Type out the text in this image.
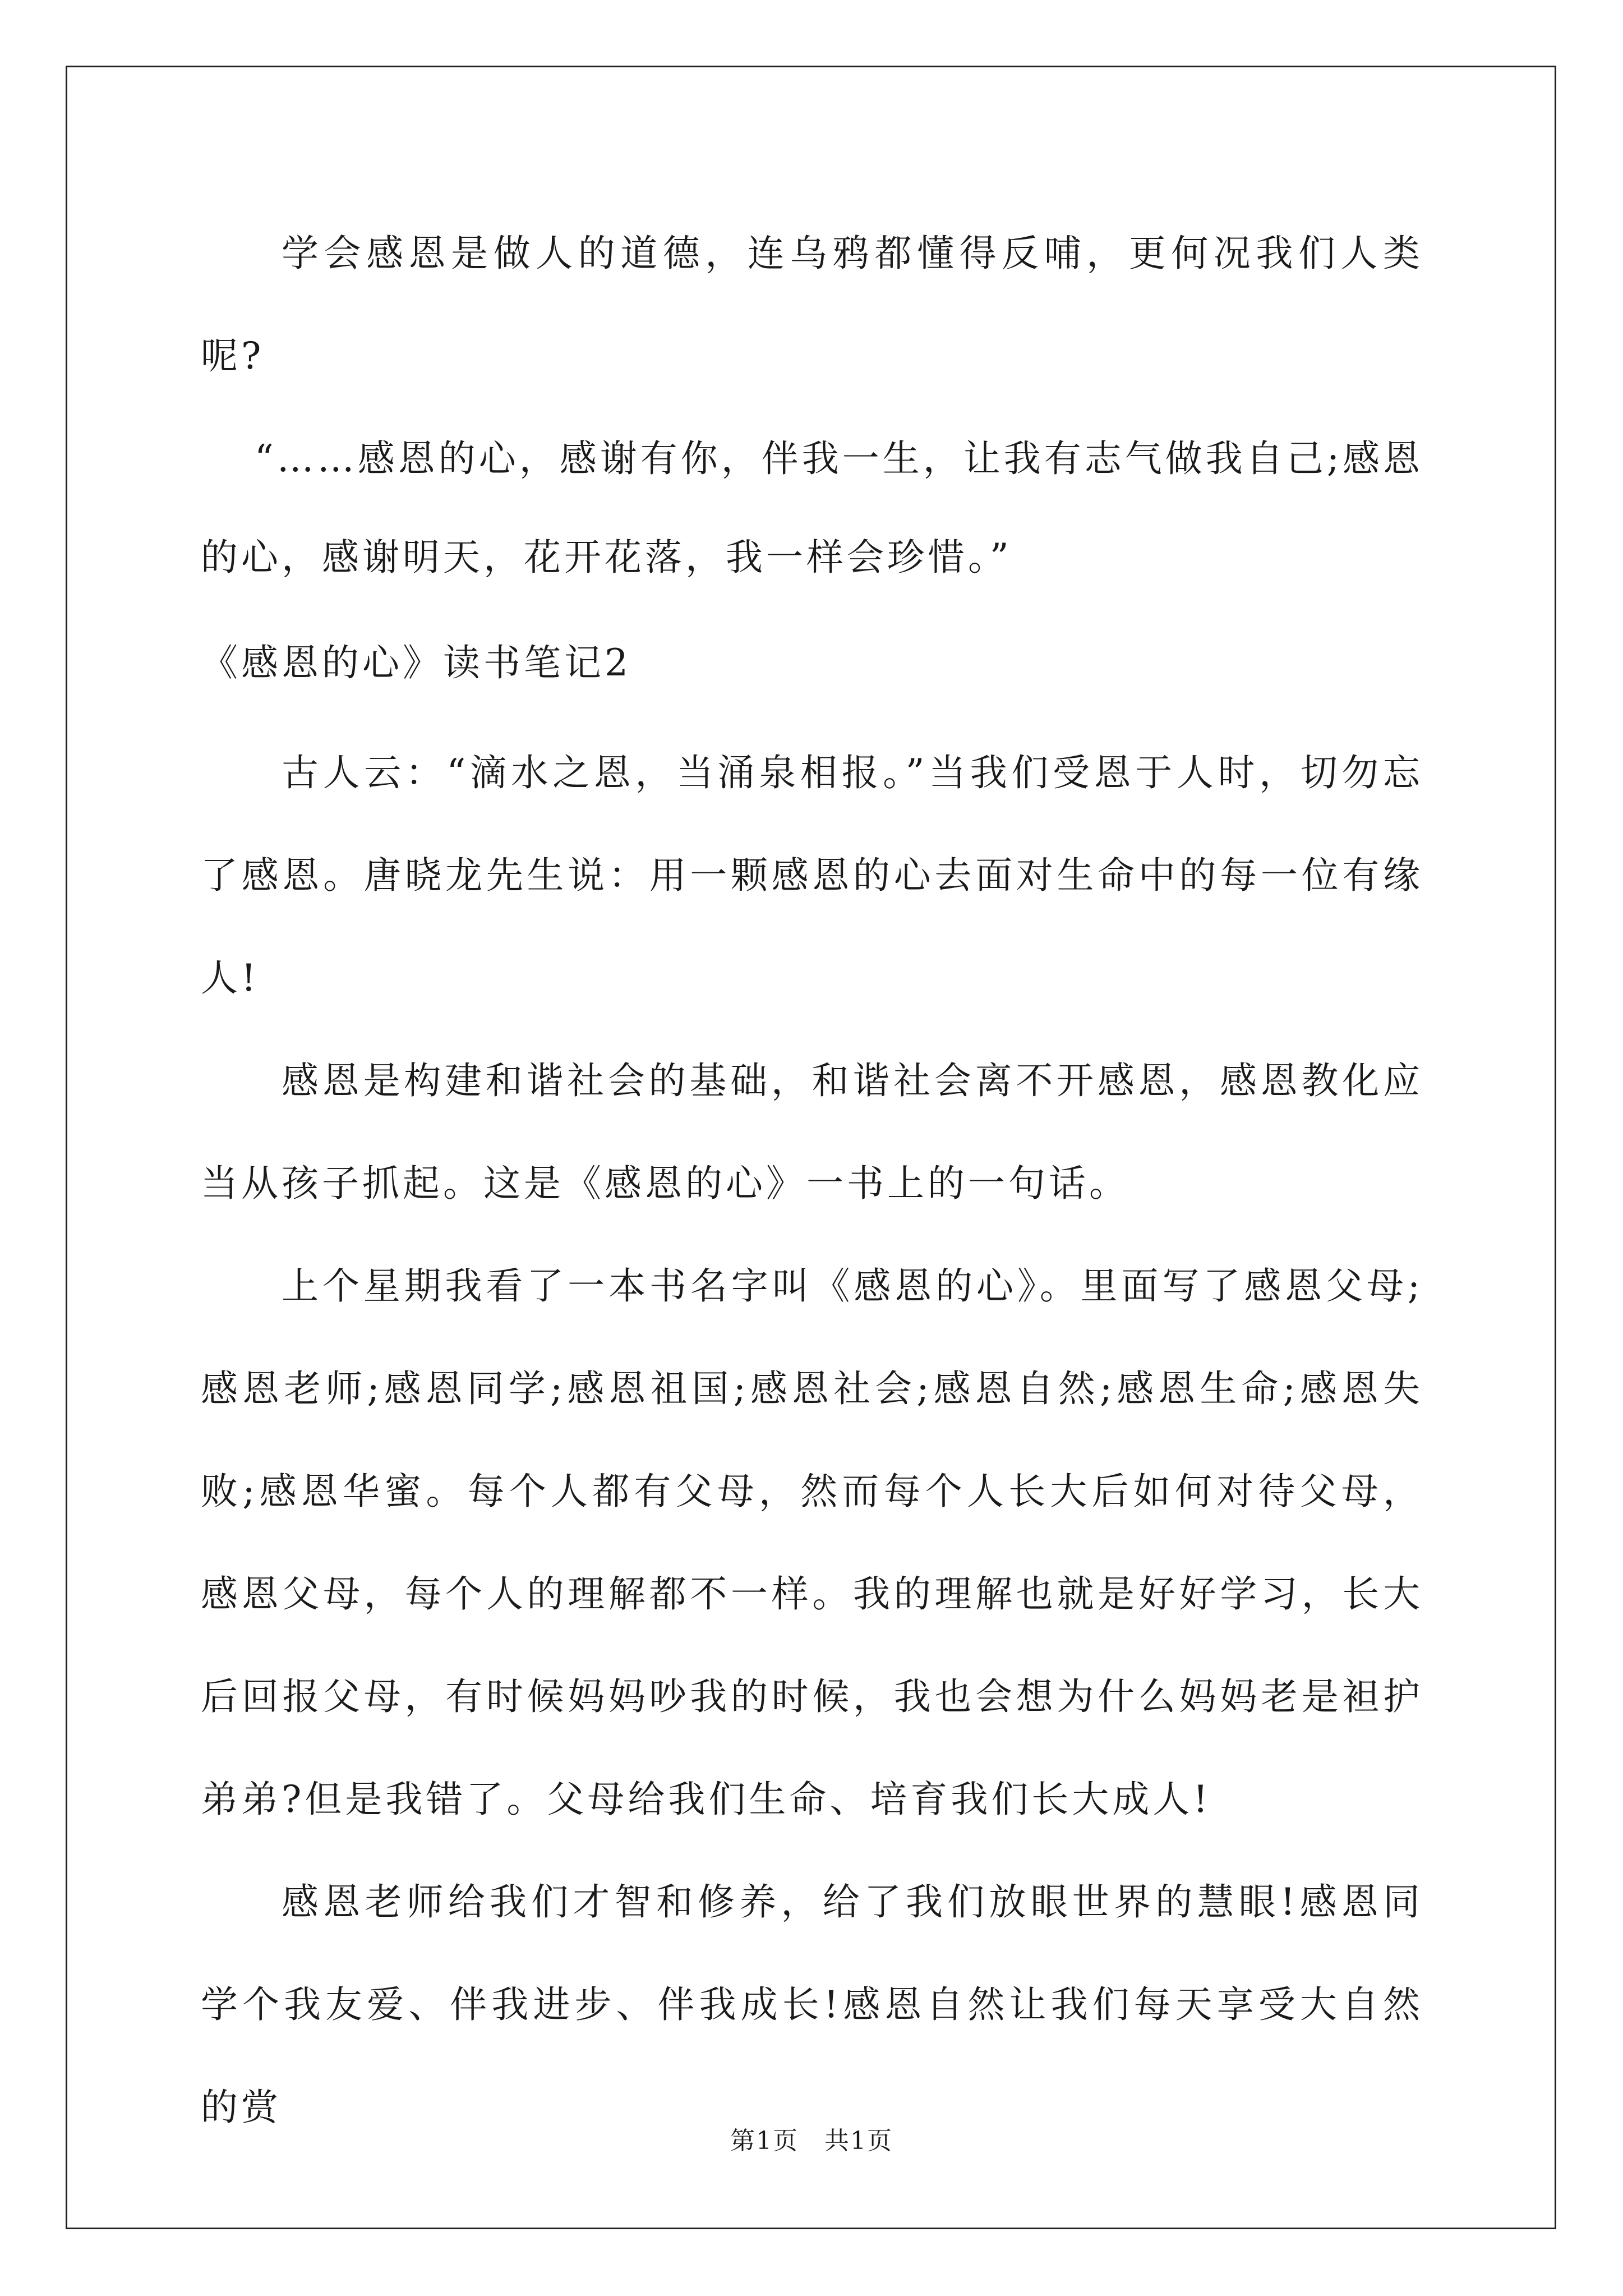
学会感恩是做人的道德，连乌鸦都懂得反哺，更何况我们人类呢?

“……感恩的心，感谢有你，伴我一生，让我有志气做我自己;感恩的心，感谢明天，花开花落，我一样会珍惜。”

《感恩的心》读书笔记2

古人云：“滴水之恩，当涌泉相报。”当我们受恩于人时，切勿忘了感恩。唐晓龙先生说：用一颗感恩的心去面对生命中的每一位有缘人!

感恩是构建和谐社会的基础，和谐社会离不开感恩，感恩教化应当从孩子抓起。这是《感恩的心》一书上的一句话。

上个星期我看了一本书名字叫《感恩的心》。里面写了感恩父母;感恩老师;感恩同学;感恩祖国;感恩社会;感恩自然;感恩生命;感恩失败;感恩华蜜。每个人都有父母，然而每个人长大后如何对待父母，感恩父母，每个人的理解都不一样。我的理解也就是好好学习，长大后回报父母，有时候妈妈吵我的时候，我也会想为什么妈妈老是袒护弟弟?但是我错了。父母给我们生命、培育我们长大成人!

感恩老师给我们才智和修养，给了我们放眼世界的慧眼!感恩同学个我友爱、伴我进步、伴我成长!感恩自然让我们每天享受大自然的赏

第1页　共1页
